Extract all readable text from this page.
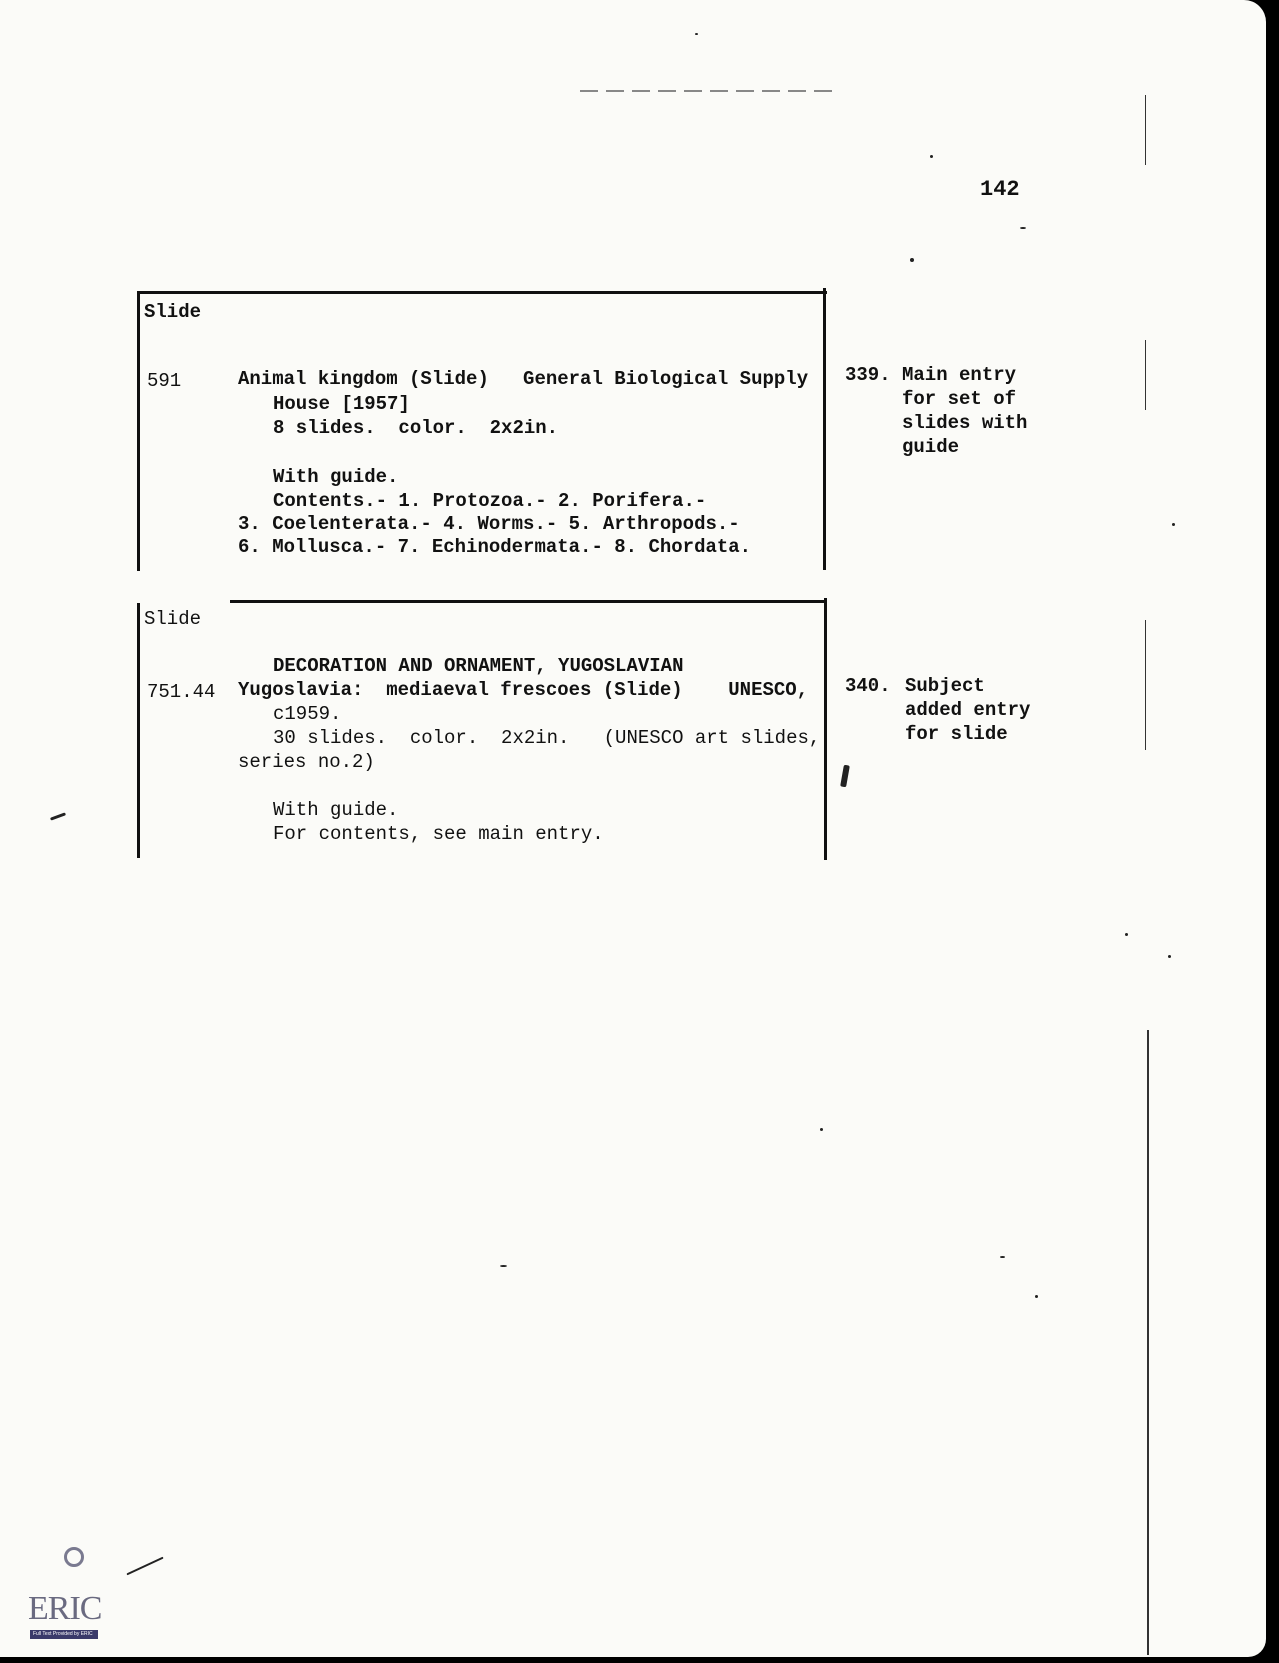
142
Slide
591	Animal kingdom (Slide)   General Biological Supply
House [1957]
8 slides.  color.  2x2in.
With guide.
Contents.- 1. Protozoa.- 2. Porifera.-
3. Coelenterata.- 4. Worms.- 5. Arthropods.-
6. Mollusca.- 7. Echinodermata.- 8. Chordata.
339. Main entry
for set of
slides with
guide
Slide
DECORATION AND ORNAMENT, YUGOSLAVIAN
751.44 Yugoslavia:  mediaeval frescoes (Slide)    UNESCO,
c1959.
30 slides.  color.  2x2in.   (UNESCO art slides,
series no.2)
With guide.
For contents, see main entry.
340. Subject
added entry
for slide
ERIC
Full Text Provided by ERIC
